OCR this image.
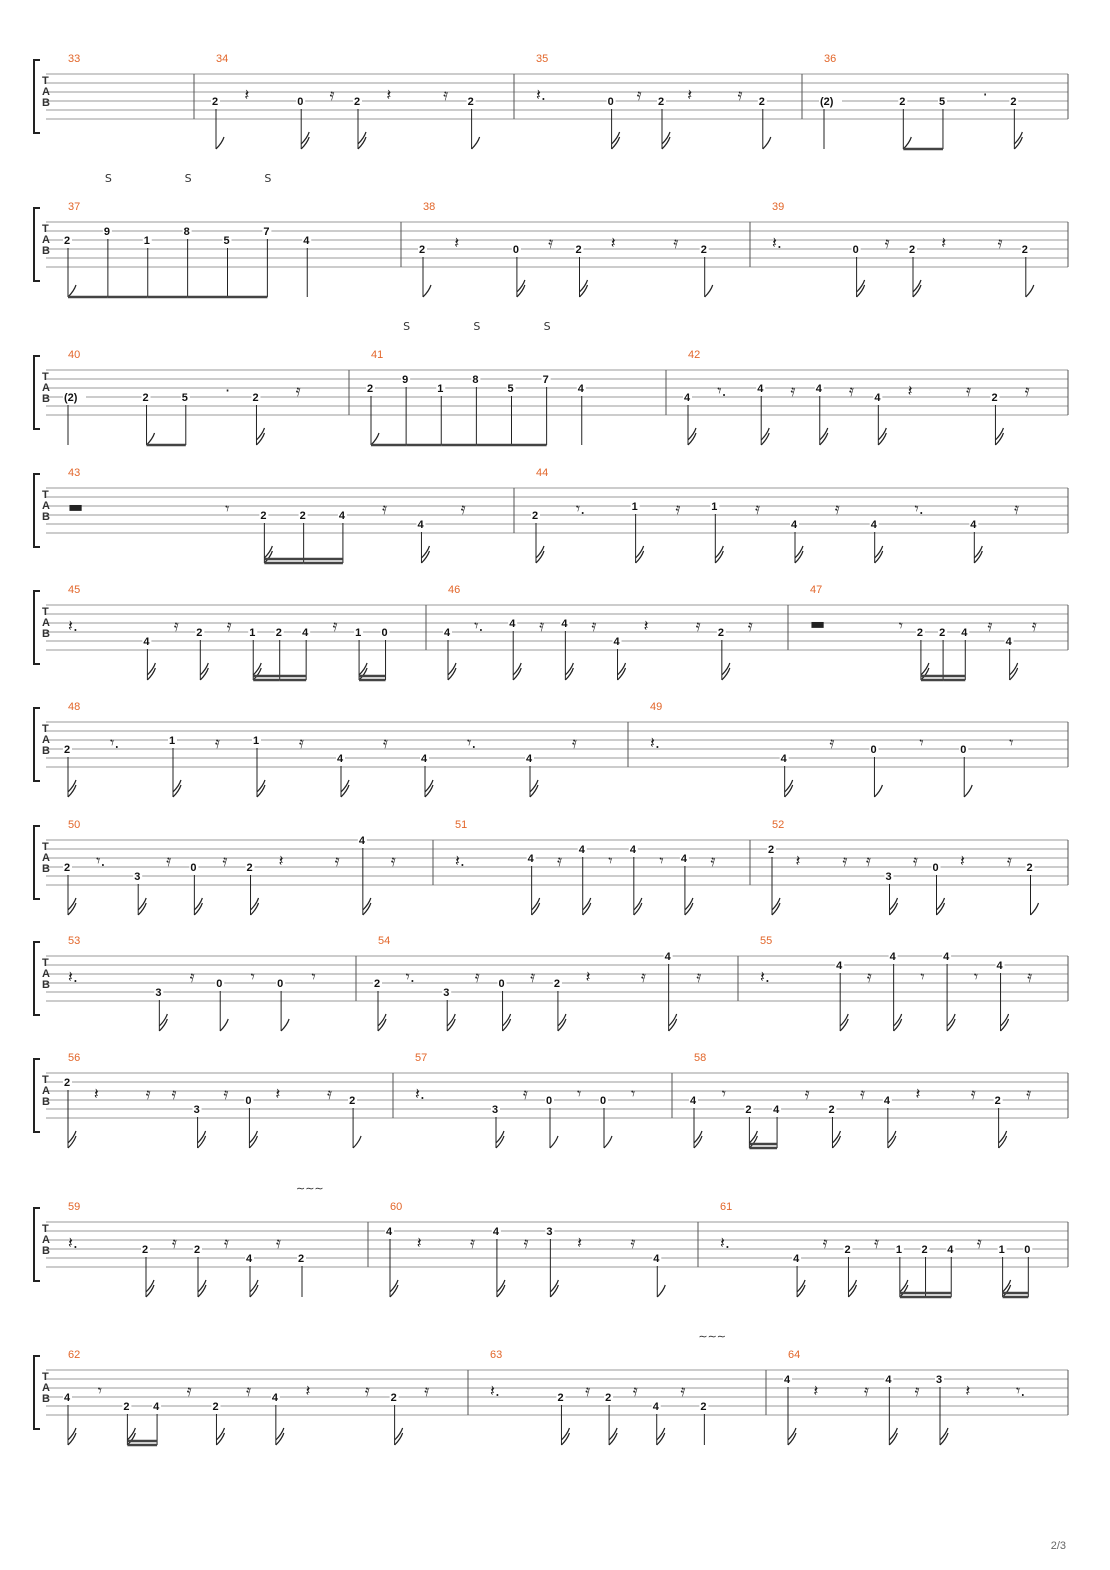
T
A
B
33	34
2 𝄽	0 𝄿 2 𝄽	𝄿 2
35
𝄽.	0 𝄿 2 𝄽	𝄿 2
36
(2)	2	5 · 2
T
A
B
37
2
9
S
1
8
S
5
7
S
4
38
2 𝄽	0 𝄿 2 𝄽	𝄿 2
39
𝄽.	0 𝄿 2 𝄽	𝄿 2
T
A
B
40
(2)	2	5 · 2 𝄿
41
2
9
S
1
8
S
5
7
S
4
42
4 𝄾.	4 𝄿 4 𝄿 4 𝄽	𝄿 2 𝄿
T
A
B
43
▬	𝄾	2	2	4 𝄿
4
𝄿
44
2 𝄾.	1 𝄿	1 𝄿
4
𝄿
4
𝄾.
4
𝄿
T
A
B
45
𝄽.
4
𝄿 2 𝄿 1 2 4 𝄿 1 0
46
4 𝄾. 4 𝄿 4 𝄿
4
𝄽	𝄿 2 𝄿
47
▬	𝄾 2 2 4 𝄿
4
𝄿
T
A
B
48
2 𝄾.	1 𝄿	1 𝄿
4
𝄿
4
𝄾.
4
𝄿
49
𝄽.
4
𝄿	0	𝄾	0	𝄾
T
A
B
50
2 𝄾.
3
𝄿 0 𝄿 2 𝄽	𝄿
4
𝄿
51
𝄽.	4 𝄿
4
𝄾
4
𝄾 4 𝄿
52
2
𝄽	𝄿 𝄿
3
𝄿 0 𝄽	𝄿 2
T
A
B
53
𝄽.
3
𝄿 0 𝄾 0 𝄾
54
2 𝄾.
3
𝄿 0 𝄿 2 𝄽	𝄿
4
𝄿
55
𝄽.
4
𝄿
4
𝄾
4
𝄾
4
𝄿
T
A
B
56
2
𝄽	𝄿 𝄿
3
𝄿 0 𝄽	𝄿 2
57
𝄽.
3
𝄿 0 𝄾 0 𝄾
58
4 𝄾
2 4
𝄿
2
𝄿 4 𝄽	𝄿 2 𝄿
T
A
B
59
𝄽.	2 𝄿 2 𝄿
4
𝄿
2
∼∼∼
60
4
𝄽	𝄿
4
𝄿
3
𝄽	𝄿
4
61
𝄽.
4
𝄿 2 𝄿 1 2 4 𝄿 1 0
T
A
B
62
4 𝄾
2 4
𝄿
2
𝄿 4 𝄽	𝄿 2 𝄿
63
𝄽.	2 𝄿 2 𝄿
4
𝄿
2
∼∼∼
64
4
𝄽	𝄿
4
𝄿
3
𝄽	𝄾.
2/3
